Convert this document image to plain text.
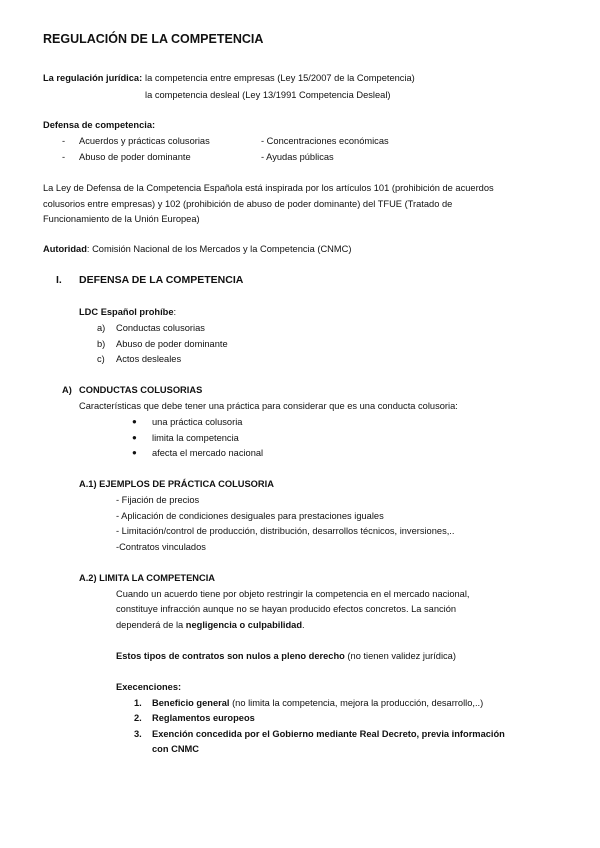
REGULACIÓN DE LA COMPETENCIA
La regulación jurídica: la competencia entre empresas (Ley 15/2007 de la Competencia)
la competencia desleal (Ley 13/1991 Competencia Desleal)
Defensa de competencia:
- Acuerdos y prácticas colusorias	- Concentraciones económicas
- Abuso de poder dominante	- Ayudas públicas
La Ley de Defensa de la Competencia Española está inspirada por los artículos 101 (prohibición de acuerdos
colusorios entre empresas) y 102 (prohibición de abuso de poder dominante) del TFUE (Tratado de
Funcionamiento de la Unión Europea)
Autoridad: Comisión Nacional de los Mercados y la Competencia (CNMC)
I. DEFENSA DE LA COMPETENCIA
LDC Español prohíbe:
a) Conductas colusorias
b) Abuso de poder dominante
c) Actos desleales
A) CONDUCTAS COLUSORIAS
Características que debe tener una práctica para considerar que es una conducta colusoria:
● una práctica colusoria
● limita la competencia
● afecta el mercado nacional
A.1) EJEMPLOS DE PRÁCTICA COLUSORIA
- Fijación de precios
- Aplicación de condiciones desiguales para prestaciones iguales
- Limitación/control de producción, distribución, desarrollos técnicos, inversiones,..
-Contratos vinculados
A.2) LIMITA LA COMPETENCIA
Cuando un acuerdo tiene por objeto restringir la competencia en el mercado nacional,
constituye infracción aunque no se hayan producido efectos concretos. La sanción
dependerá de la negligencia o culpabilidad.
Estos tipos de contratos son nulos a pleno derecho (no tienen validez jurídica)
Execenciones:
1. Beneficio general (no limita la competencia, mejora la producción, desarrollo,..)
2. Reglamentos europeos
3. Exención concedida por el Gobierno mediante Real Decreto, previa información
con CNMC
